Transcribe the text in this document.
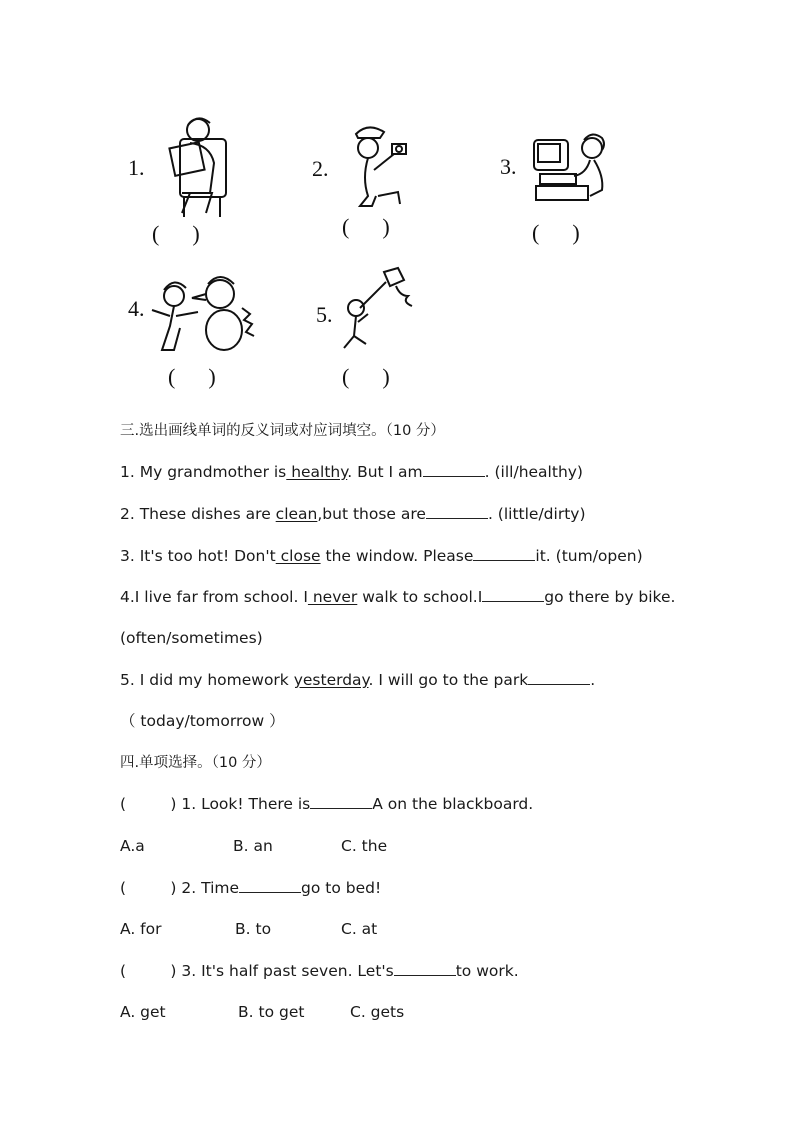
1.
(      )
2.
(      )
3.
(      )
4.
(      )
5.
(      )
三.选出画线单词的反义词或对应词填空。（10 分）
1. My grandmother is healthy. But I am	. (ill/healthy)
2. These dishes are clean,but those are	. (little/dirty)
3. It's too hot! Don't close the window. Please	it. (tum/open)
4.I live far from school. I never walk to school.I	go there by bike.
(often/sometimes)
5. I did my homework yesterday. I will go to the park	.
（ today/tomorrow ）
四.单项选择。（10 分）
(         ) 1. Look! There is	A on the blackboard.
A.a	B. an	C. the
(         ) 2. Time	go to bed!
A. for	B. to	C. at
(         ) 3. It's half past seven. Let's	to work.
A. get	B. to get	C. gets
